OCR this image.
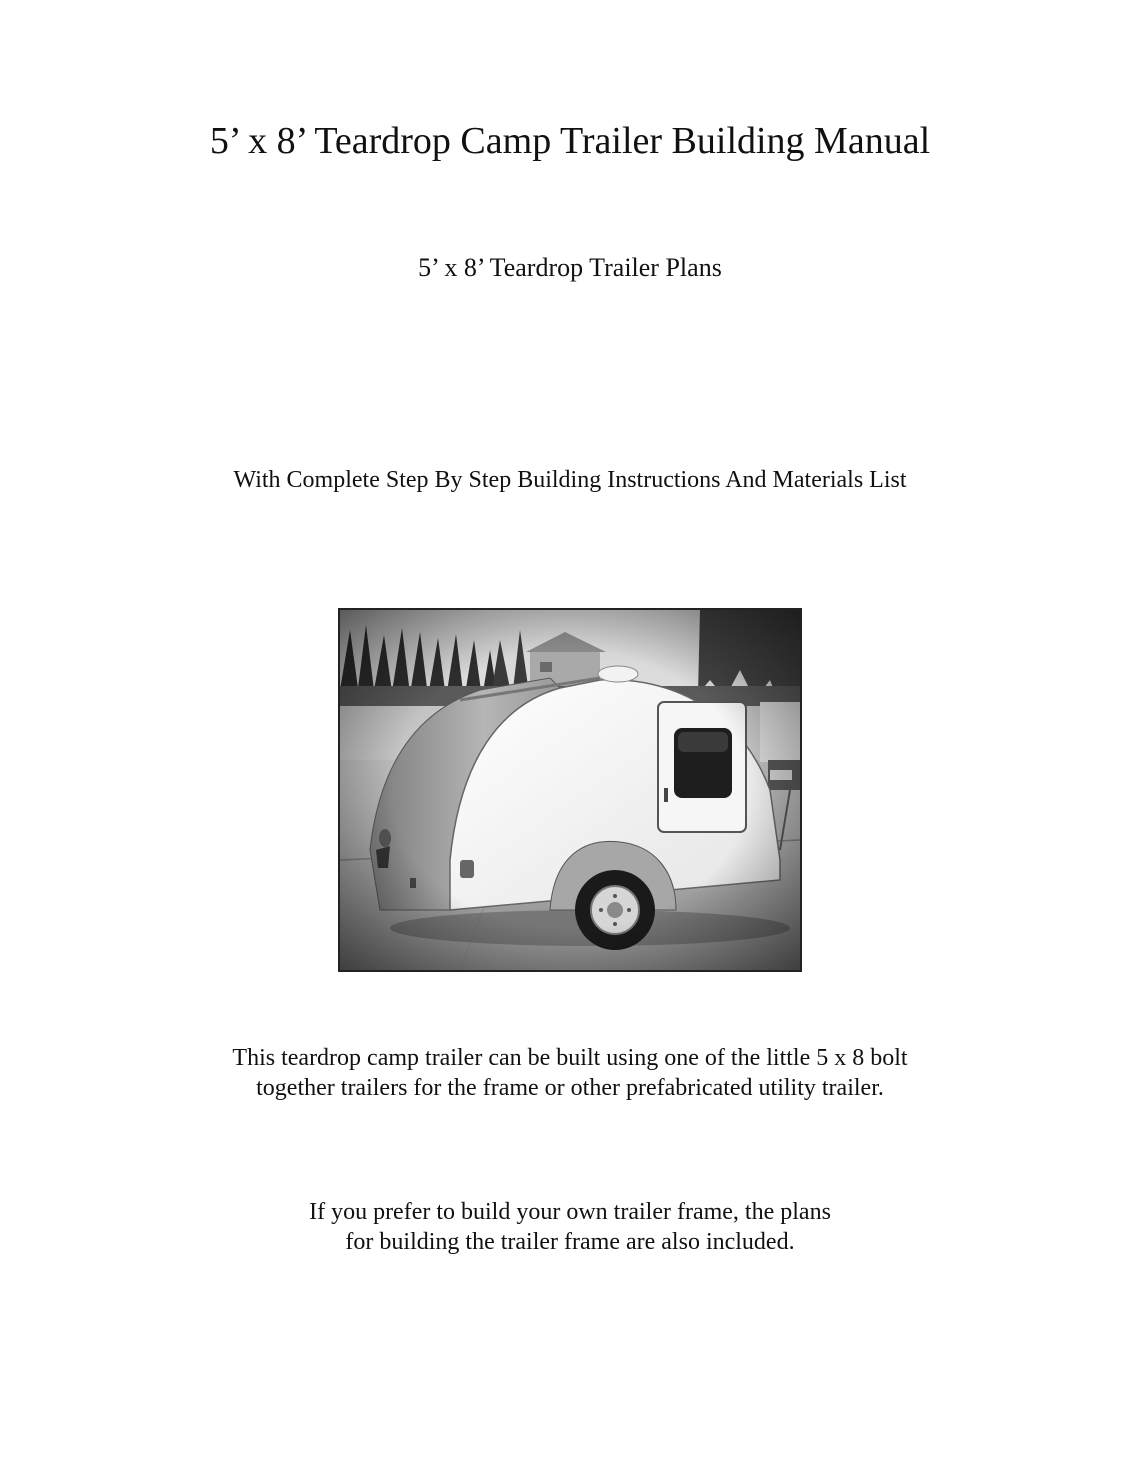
5’ x 8’ Teardrop Camp Trailer Building Manual
5’ x 8’ Teardrop Trailer Plans

With Complete Step By Step Building Instructions And Materials List

This teardrop camp trailer can be built using one of the little 5 x 8 bolt
together trailers for the frame or other prefabricated utility trailer.

If you prefer to build your own trailer frame, the plans
for building the trailer frame are also included.
